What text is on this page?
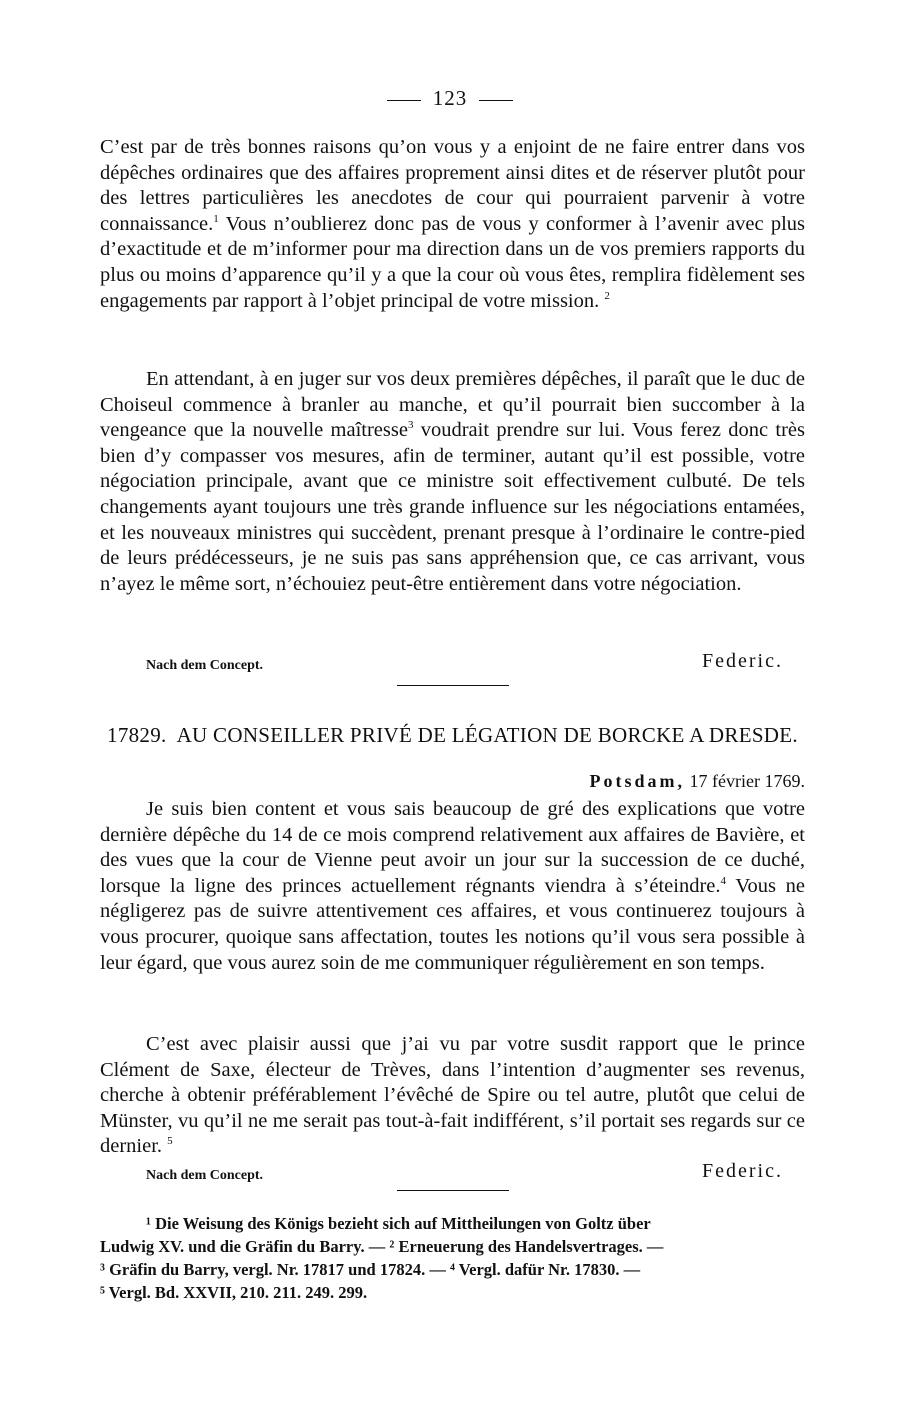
123
C’est par de très bonnes raisons qu’on vous y a enjoint de ne faire entrer dans vos dépêches ordinaires que des affaires proprement ainsi dites et de réserver plutôt pour des lettres particulières les anecdotes de cour qui pourraient parvenir à votre connaissance.$^1$ Vous n’oublierez donc pas de vous y conformer à l’avenir avec plus d’exactitude et de m’informer pour ma direction dans un de vos premiers rapports du plus ou moins d’apparence qu’il y a que la cour où vous êtes, remplira fidèlement ses engagements par rapport à l’objet principal de votre mission. $^2$
En attendant, à en juger sur vos deux premières dépêches, il paraît que le duc de Choiseul commence à branler au manche, et qu’il pourrait bien succomber à la vengeance que la nouvelle maîtresse$^3$ voudrait prendre sur lui. Vous ferez donc très bien d’y compasser vos mesures, afin de terminer, autant qu’il est possible, votre négociation principale, avant que ce ministre soit effectivement culbuté. De tels changements ayant toujours une très grande influence sur les négociations entamées, et les nouveaux ministres qui succèdent, prenant presque à l’ordinaire le contre-pied de leurs prédécesseurs, je ne suis pas sans appréhension que, ce cas arrivant, vous n’ayez le même sort, n’échouiez peut-être entièrement dans votre négociation.
Nach dem Concept.	Federic.
17829. AU CONSEILLER PRIVÉ DE LÉGATION DE BORCKE A DRESDE.
Potsdam, 17 février 1769.
Je suis bien content et vous sais beaucoup de gré des explications que votre dernière dépêche du 14 de ce mois comprend relativement aux affaires de Bavière, et des vues que la cour de Vienne peut avoir un jour sur la succession de ce duché, lorsque la ligne des princes actuellement régnants viendra à s’éteindre.$^4$ Vous ne négligerez pas de suivre attentivement ces affaires, et vous continuerez toujours à vous procurer, quoique sans affectation, toutes les notions qu’il vous sera possible à leur égard, que vous aurez soin de me communiquer régulièrement en son temps.
C’est avec plaisir aussi que j’ai vu par votre susdit rapport que le prince Clément de Saxe, électeur de Trèves, dans l’intention d’augmenter ses revenus, cherche à obtenir préférablement l’évêché de Spire ou tel autre, plutôt que celui de Münster, vu qu’il ne me serait pas tout-à-fait indifférent, s’il portait ses regards sur ce dernier. $^5$
Nach dem Concept.	Federic.
¹ Die Weisung des Königs bezieht sich auf Mittheilungen von Goltz über
Ludwig XV. und die Gräfin du Barry. — ² Erneuerung des Handelsvertrages. —
³ Gräfin du Barry, vergl. Nr. 17817 und 17824. — ⁴ Vergl. dafür Nr. 17830. —
⁵ Vergl. Bd. XXVII, 210. 211. 249. 299.
